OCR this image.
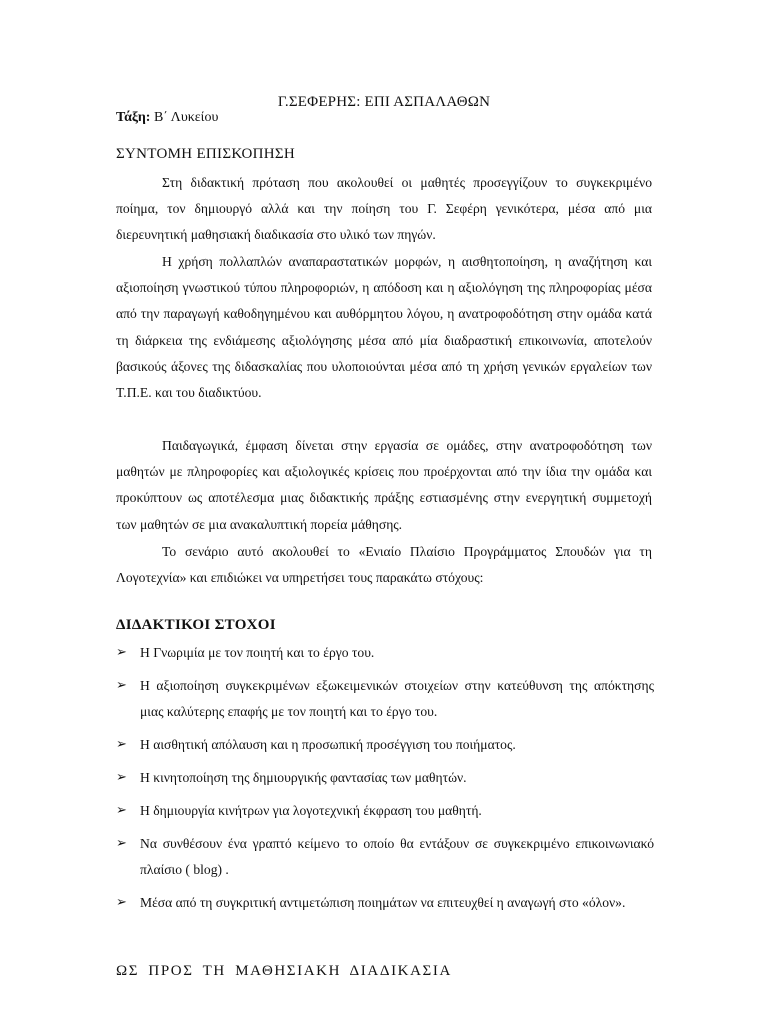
Γ.ΣΕΦΕΡΗΣ: ΕΠΙ ΑΣΠΑΛΑΘΩΝ
Τάξη: Β΄ Λυκείου
ΣΥΝΤΟΜΗ ΕΠΙΣΚΟΠΗΣΗ

Στη διδακτική πρόταση που ακολουθεί οι μαθητές προσεγγίζουν το συγκεκριμένο ποίημα, τον δημιουργό αλλά και την ποίηση του Γ. Σεφέρη γενικότερα, μέσα από μια διερευνητική μαθησιακή διαδικασία στο υλικό των πηγών.

Η χρήση πολλαπλών αναπαραστατικών μορφών, η αισθητοποίηση, η αναζήτηση και αξιοποίηση γνωστικού τύπου πληροφοριών, η απόδοση και η αξιολόγηση της πληροφορίας μέσα από την παραγωγή καθοδηγημένου και αυθόρμητου λόγου, η ανατροφοδότηση στην ομάδα κατά τη διάρκεια της ενδιάμεσης αξιολόγησης μέσα από μία διαδραστική επικοινωνία, αποτελούν βασικούς άξονες της διδασκαλίας που υλοποιούνται μέσα από τη χρήση γενικών εργαλείων των Τ.Π.Ε. και του διαδικτύου.

Παιδαγωγικά, έμφαση δίνεται στην εργασία σε ομάδες, στην ανατροφοδότηση των μαθητών με πληροφορίες και αξιολογικές κρίσεις που προέρχονται από την ίδια την ομάδα και προκύπτουν ως αποτέλεσμα μιας διδακτικής πράξης εστιασμένης στην ενεργητική συμμετοχή των μαθητών σε μια ανακαλυπτική πορεία μάθησης.

Το σενάριο αυτό ακολουθεί το «Ενιαίο Πλαίσιο Προγράμματος Σπουδών για τη Λογοτεχνία» και επιδιώκει να υπηρετήσει τους παρακάτω στόχους:

ΔΙΔΑΚΤΙΚΟΙ ΣΤΟΧΟΙ
➢ Η Γνωριμία με τον ποιητή και το έργο του.
➢ Η αξιοποίηση συγκεκριμένων εξωκειμενικών στοιχείων στην κατεύθυνση της απόκτησης μιας καλύτερης επαφής με τον ποιητή και το έργο του.
➢ Η αισθητική απόλαυση και η προσωπική προσέγγιση του ποιήματος.
➢ Η κινητοποίηση της δημιουργικής φαντασίας των μαθητών.
➢ Η δημιουργία κινήτρων για λογοτεχνική έκφραση του μαθητή.
➢ Να συνθέσουν ένα γραπτό κείμενο το οποίο θα εντάξουν σε συγκεκριμένο επικοινωνιακό πλαίσιο ( blog) .
➢ Μέσα από τη συγκριτική αντιμετώπιση ποιημάτων να επιτευχθεί η αναγωγή στο «όλον».
ΩΣ ΠΡΟΣ ΤΗ ΜΑΘΗΣΙΑΚΗ ΔΙΑΔΙΚΑΣΙΑ
